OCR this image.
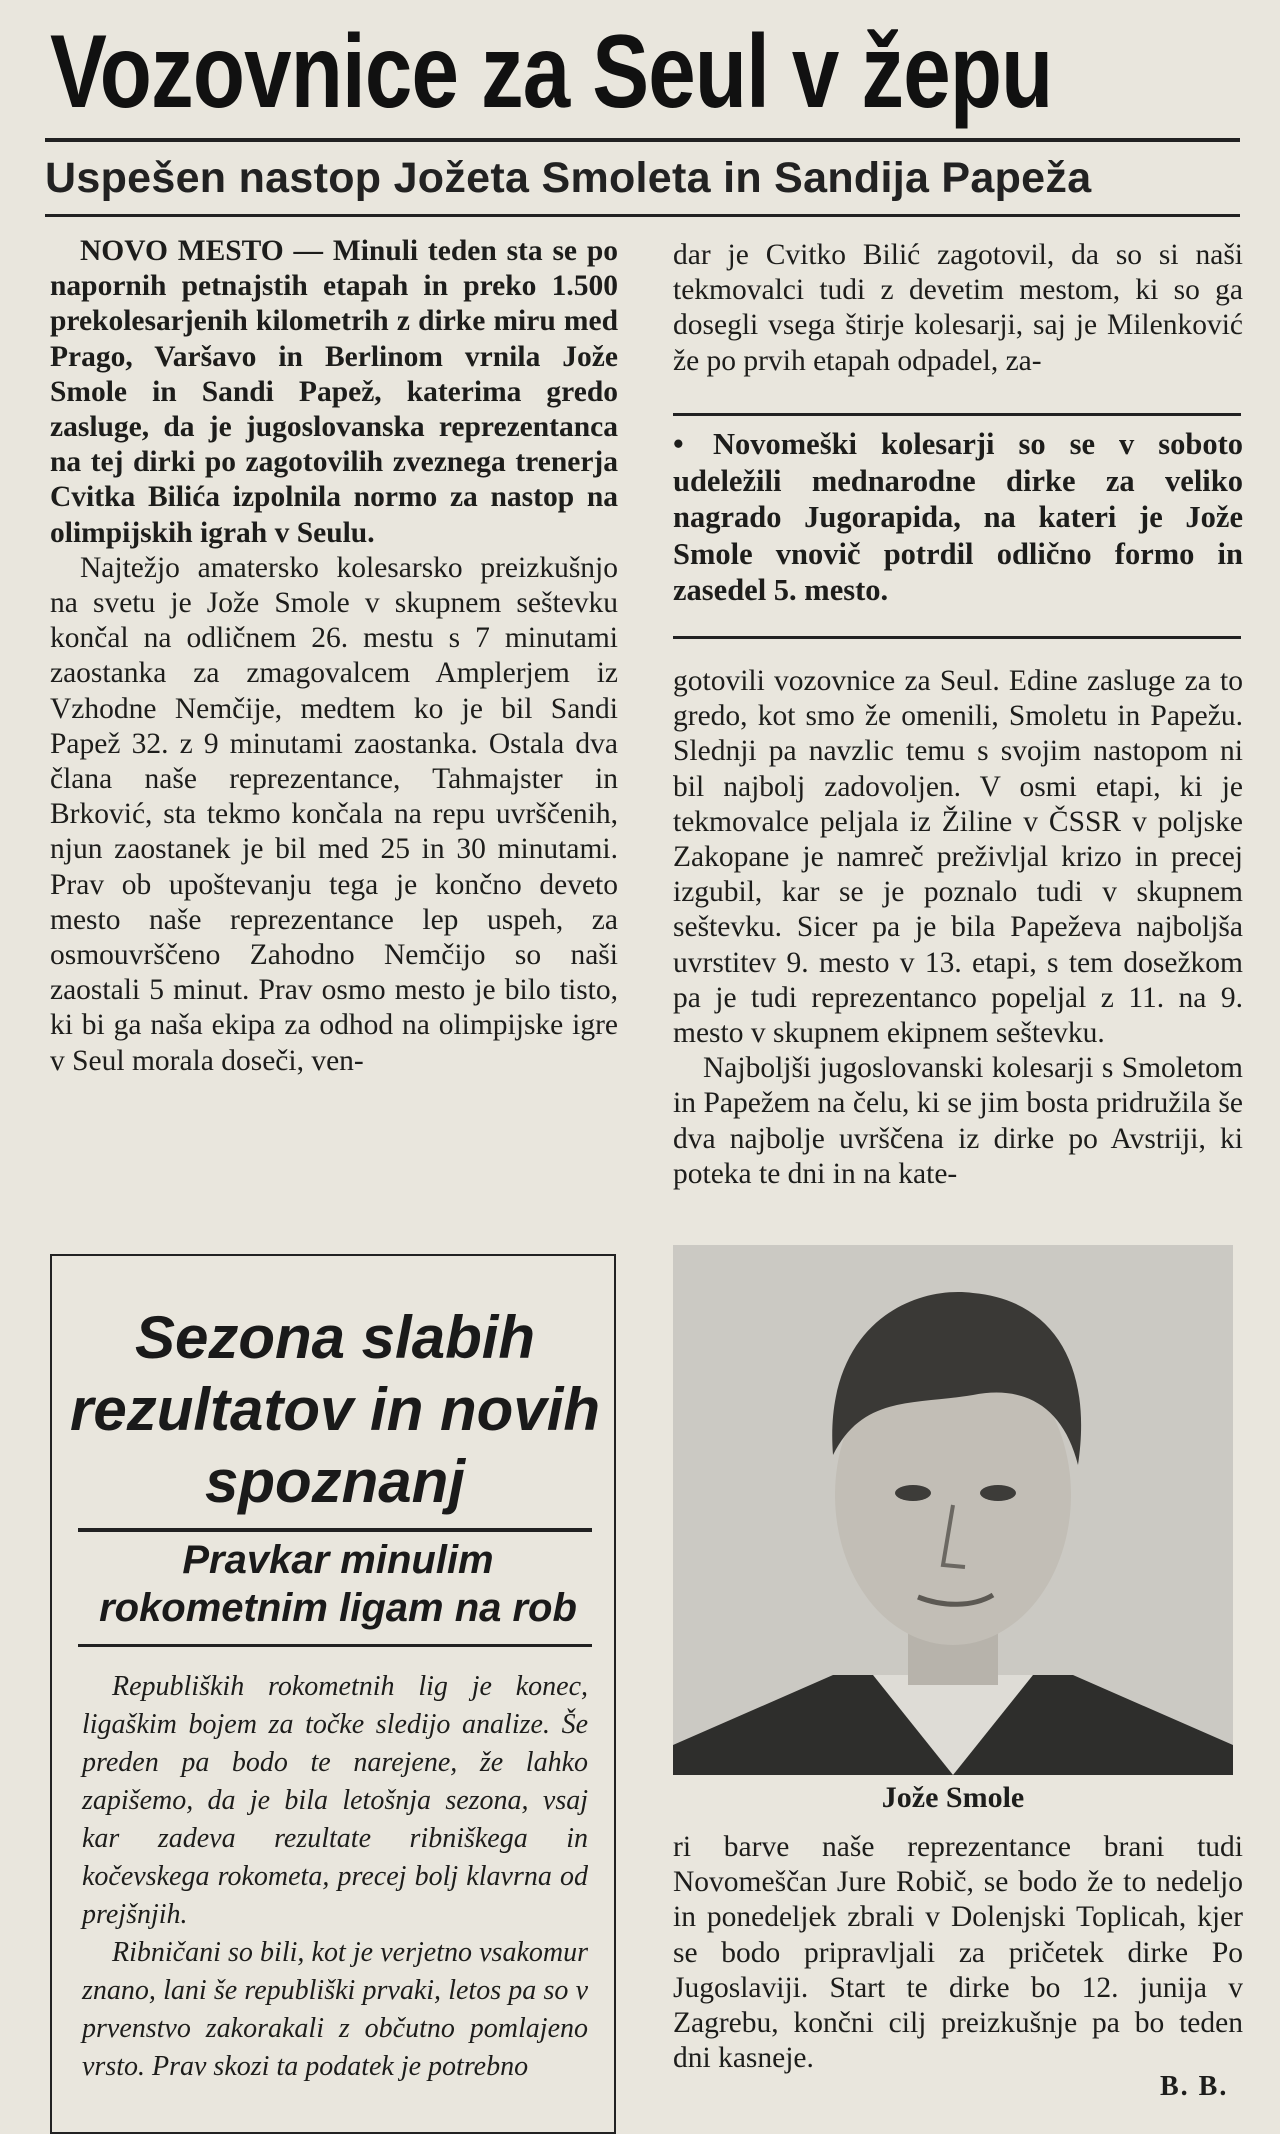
Vozovnice za Seul v žepu
Uspešen nastop Jožeta Smoleta in Sandija Papeža

NOVO MESTO — Minuli teden sta se po napornih petnajstih etapah in preko 1.500 prekolesarjenih kilometrih z dirke miru med Prago, Varšavo in Berlinom vrnila Jože Smole in Sandi Papež, katerima gredo zasluge, da je jugoslovanska reprezentanca na tej dirki po zagotovilih zveznega trenerja Cvitka Bilića izpolnila normo za nastop na olimpijskih igrah v Seulu.

Najtežjo amatersko kolesarsko preizkušnjo na svetu je Jože Smole v skupnem seštevku končal na odličnem 26. mestu s 7 minutami zaostanka za zmagovalcem Amplerjem iz Vzhodne Nemčije, medtem ko je bil Sandi Papež 32. z 9 minutami zaostanka. Ostala dva člana naše reprezentance, Tahmajster in Brković, sta tekmo končala na repu uvrščenih, njun zaostanek je bil med 25 in 30 minutami. Prav ob upoštevanju tega je končno deveto mesto naše reprezentance lep uspeh, za osmouvrščeno Zahodno Nemčijo so naši zaostali 5 minut. Prav osmo mesto je bilo tisto, ki bi ga naša ekipa za odhod na olimpijske igre v Seul morala doseči, ven-

dar je Cvitko Bilić zagotovil, da so si naši tekmovalci tudi z devetim mestom, ki so ga dosegli vsega štirje kolesarji, saj je Milenković že po prvih etapah odpadel, za-

• Novomeški kolesarji so se v soboto udeležili mednarodne dirke za veliko nagrado Jugorapida, na kateri je Jože Smole vnovič potrdil odlično formo in zasedel 5. mesto.

gotovili vozovnice za Seul. Edine zasluge za to gredo, kot smo že omenili, Smoletu in Papežu. Slednji pa navzlic temu s svojim nastopom ni bil najbolj zadovoljen. V osmi etapi, ki je tekmovalce peljala iz Žiline v ČSSR v poljske Zakopane je namreč preživljal krizo in precej izgubil, kar se je poznalo tudi v skupnem seštevku. Sicer pa je bila Papeževa najboljša uvrstitev 9. mesto v 13. etapi, s tem dosežkom pa je tudi reprezentanco popeljal z 11. na 9. mesto v skupnem ekipnem seštevku.

Najboljši jugoslovanski kolesarji s Smoletom in Papežem na čelu, ki se jim bosta pridružila še dva najbolje uvrščena iz dirke po Avstriji, ki poteka te dni in na kate-

Jože Smole

ri barve naše reprezentance brani tudi Novomeščan Jure Robič, se bodo že to nedeljo in ponedeljek zbrali v Dolenjski Toplicah, kjer se bodo pripravljali za pričetek dirke Po Jugoslaviji. Start te dirke bo 12. junija v Zagrebu, končni cilj preizkušnje pa bo teden dni kasneje.

B. B.
Sezona slabih rezultatov in novih spoznanj
Pravkar minulim rokometnim ligam na rob

Republiških rokometnih lig je konec, ligaškim bojem za točke sledijo analize. Še preden pa bodo te narejene, že lahko zapišemo, da je bila letošnja sezona, vsaj kar zadeva rezultate ribniškega in kočevskega rokometa, precej bolj klavrna od prejšnjih.

Ribničani so bili, kot je verjetno vsakomur znano, lani še republiški prvaki, letos pa so v prvenstvo zakorakali z občutno pomlajeno vrsto. Prav skozi ta podatek je potrebno
